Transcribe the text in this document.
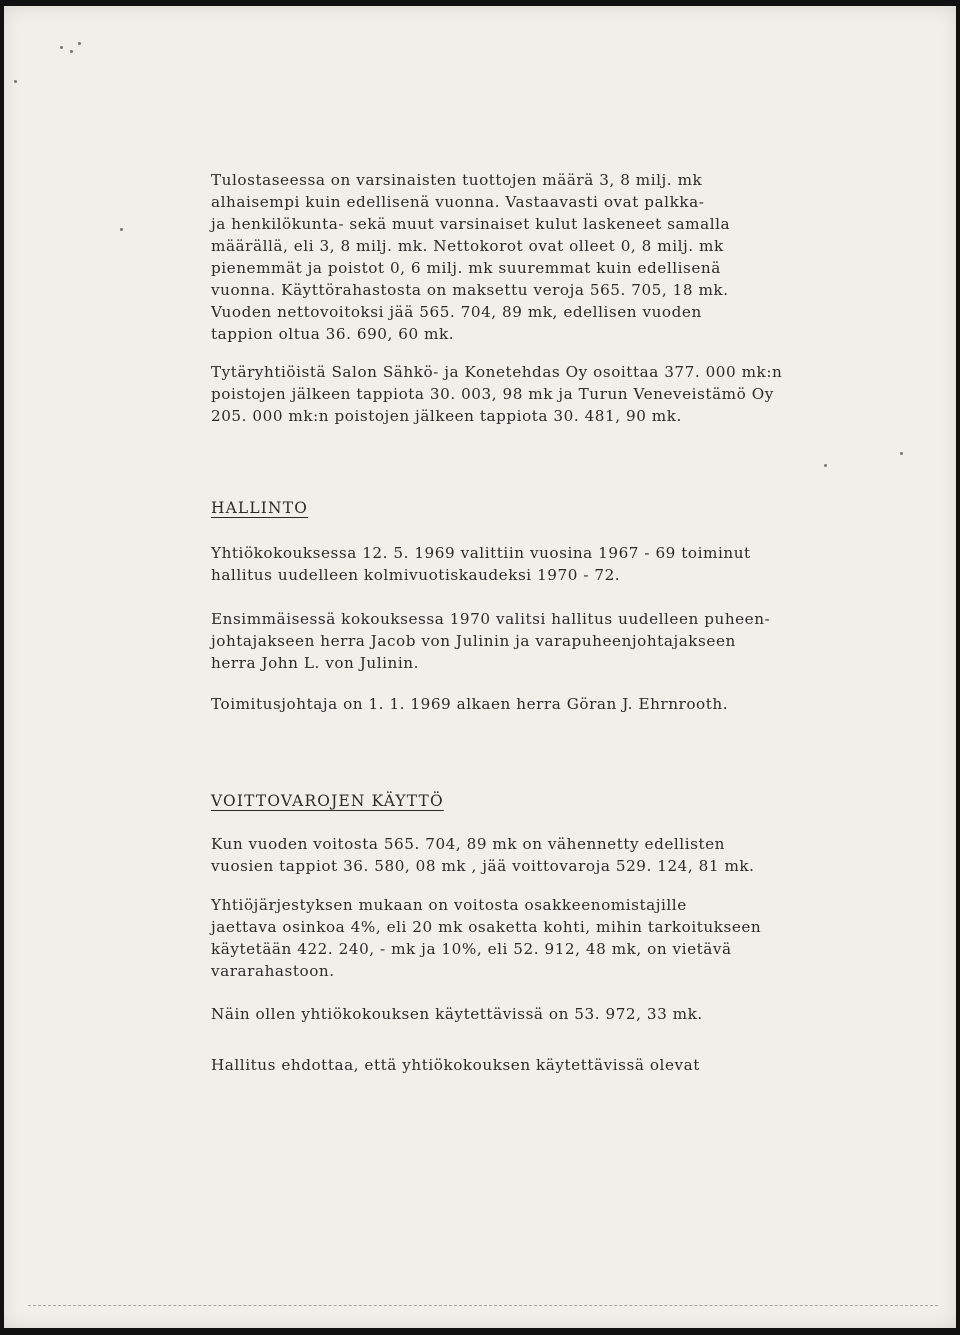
Tulostaseessa on varsinaisten tuottojen määrä 3, 8 milj. mk

alhaisempi kuin edellisenä vuonna. Vastaavasti ovat palkka-

ja henkilökunta- sekä muut varsinaiset kulut laskeneet samalla

määrällä, eli 3, 8 milj. mk. Nettokorot ovat olleet 0, 8 milj. mk

pienemmät ja poistot 0, 6 milj. mk suuremmat kuin edellisenä

vuonna. Käyttörahastosta on maksettu veroja 565. 705, 18 mk.

Vuoden nettovoitoksi jää 565. 704, 89 mk, edellisen vuoden

tappion oltua 36. 690, 60 mk.

Tytäryhtiöistä Salon Sähkö- ja Konetehdas Oy osoittaa 377. 000 mk:n

poistojen jälkeen tappiota 30. 003, 98 mk ja Turun Veneveistämö Oy

205. 000 mk:n poistojen jälkeen tappiota 30. 481, 90 mk.

HALLINTO

Yhtiökokouksessa 12. 5. 1969 valittiin vuosina 1967 - 69 toiminut

hallitus uudelleen kolmivuotiskaudeksi 1970 - 72.

Ensimmäisessä kokouksessa 1970 valitsi hallitus uudelleen puheen-

johtajakseen herra Jacob von Julinin ja varapuheenjohtajakseen

herra John L. von Julinin.

Toimitusjohtaja on 1. 1. 1969 alkaen herra Göran J. Ehrnrooth.

VOITTOVAROJEN KÄYTTÖ

Kun vuoden voitosta 565. 704, 89 mk on vähennetty edellisten

vuosien tappiot 36. 580, 08 mk , jää voittovaroja 529. 124, 81 mk.

Yhtiöjärjestyksen mukaan on voitosta osakkeenomistajille

jaettava osinkoa 4%, eli 20 mk osaketta kohti, mihin tarkoitukseen

käytetään 422. 240, - mk ja 10%, eli 52. 912, 48 mk, on vietävä

vararahastoon.

Näin ollen yhtiökokouksen käytettävissä on 53. 972, 33 mk.

Hallitus ehdottaa, että yhtiökokouksen käytettävissä olevat
